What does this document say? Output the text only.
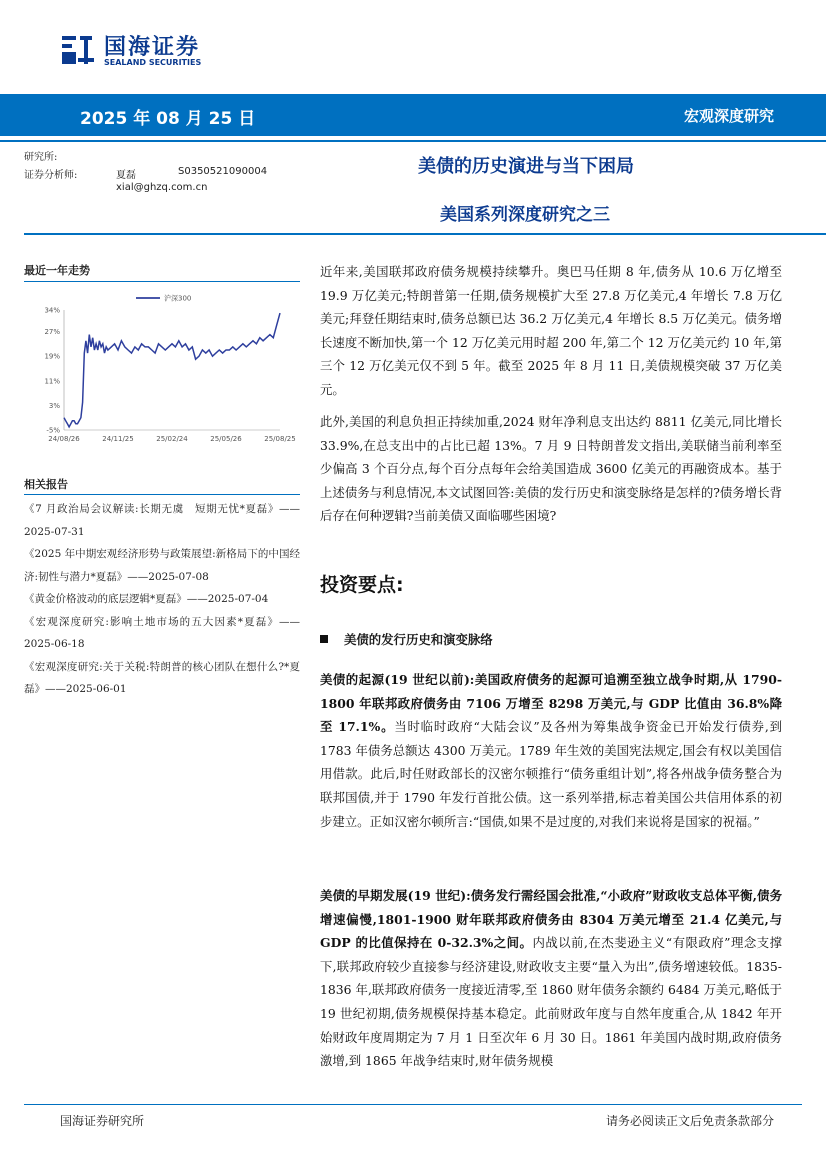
国海证券
SEALAND SECURITIES
2025 年 08 月 25 日	宏观深度研究
研究所:
证券分析师:	夏磊	S0350521090004
xial@ghzq.com.cn
美债的历史演进与当下困局
美国系列深度研究之三
最近一年走势
34%
27%
19%
11%
3%
-5%
24/08/26	24/11/25	25/02/24	25/05/26	25/08/25
沪深300
相关报告

《7 月政治局会议解读:长期无虞　短期无忧*夏磊》——2025-07-31

《2025 年中期宏观经济形势与政策展望:新格局下的中国经济:韧性与潜力*夏磊》——2025-07-08

《黄金价格波动的底层逻辑*夏磊》——2025-07-04

《宏观深度研究:影响土地市场的五大因素*夏磊》——2025-06-18

《宏观深度研究:关于关税:特朗普的核心团队在想什么?*夏磊》——2025-06-01

近年来,美国联邦政府债务规模持续攀升。奥巴马任期 8 年,债务从 10.6 万亿增至 19.9 万亿美元;特朗普第一任期,债务规模扩大至 27.8 万亿美元,4 年增长 7.8 万亿美元;拜登任期结束时,债务总额已达 36.2 万亿美元,4 年增长 8.5 万亿美元。债务增长速度不断加快,第一个 12 万亿美元用时超 200 年,第二个 12 万亿美元约 10 年,第三个 12 万亿美元仅不到 5 年。截至 2025 年 8 月 11 日,美债规模突破 37 万亿美元。

此外,美国的利息负担正持续加重,2024 财年净利息支出达约 8811 亿美元,同比增长 33.9%,在总支出中的占比已超 13%。7 月 9 日特朗普发文指出,美联储当前利率至少偏高 3 个百分点,每个百分点每年会给美国造成 3600 亿美元的再融资成本。基于上述债务与利息情况,本文试图回答:美债的发行历史和演变脉络是怎样的?债务增长背后存在何种逻辑?当前美债又面临哪些困境?

投资要点:
美债的发行历史和演变脉络

美债的起源(19 世纪以前):美国政府债务的起源可追溯至独立战争时期,从 1790-1800 年联邦政府债务由 7106 万增至 8298 万美元,与 GDP 比值由 36.8%降至 17.1%。当时临时政府“大陆会议”及各州为筹集战争资金已开始发行债券,到 1783 年债务总额达 4300 万美元。1789 年生效的美国宪法规定,国会有权以美国信用借款。此后,时任财政部长的汉密尔顿推行“债务重组计划”,将各州战争债务整合为联邦国债,并于 1790 年发行首批公债。这一系列举措,标志着美国公共信用体系的初步建立。正如汉密尔顿所言:“国债,如果不是过度的,对我们来说将是国家的祝福。”

美债的早期发展(19 世纪):债务发行需经国会批准,“小政府”财政收支总体平衡,债务增速偏慢,1801-1900 财年联邦政府债务由 8304 万美元增至 21.4 亿美元,与 GDP 的比值保持在 0-32.3%之间。内战以前,在杰斐逊主义“有限政府”理念支撑下,联邦政府较少直接参与经济建设,财政收支主要“量入为出”,债务增速较低。1835-1836 年,联邦政府债务一度接近清零,至 1860 财年债务余额约 6484 万美元,略低于 19 世纪初期,债务规模保持基本稳定。此前财政年度与自然年度重合,从 1842 年开始财政年度周期定为 7 月 1 日至次年 6 月 30 日。1861 年美国内战时期,政府债务激增,到 1865 年战争结束时,财年债务规模

国海证券研究所	请务必阅读正文后免责条款部分
